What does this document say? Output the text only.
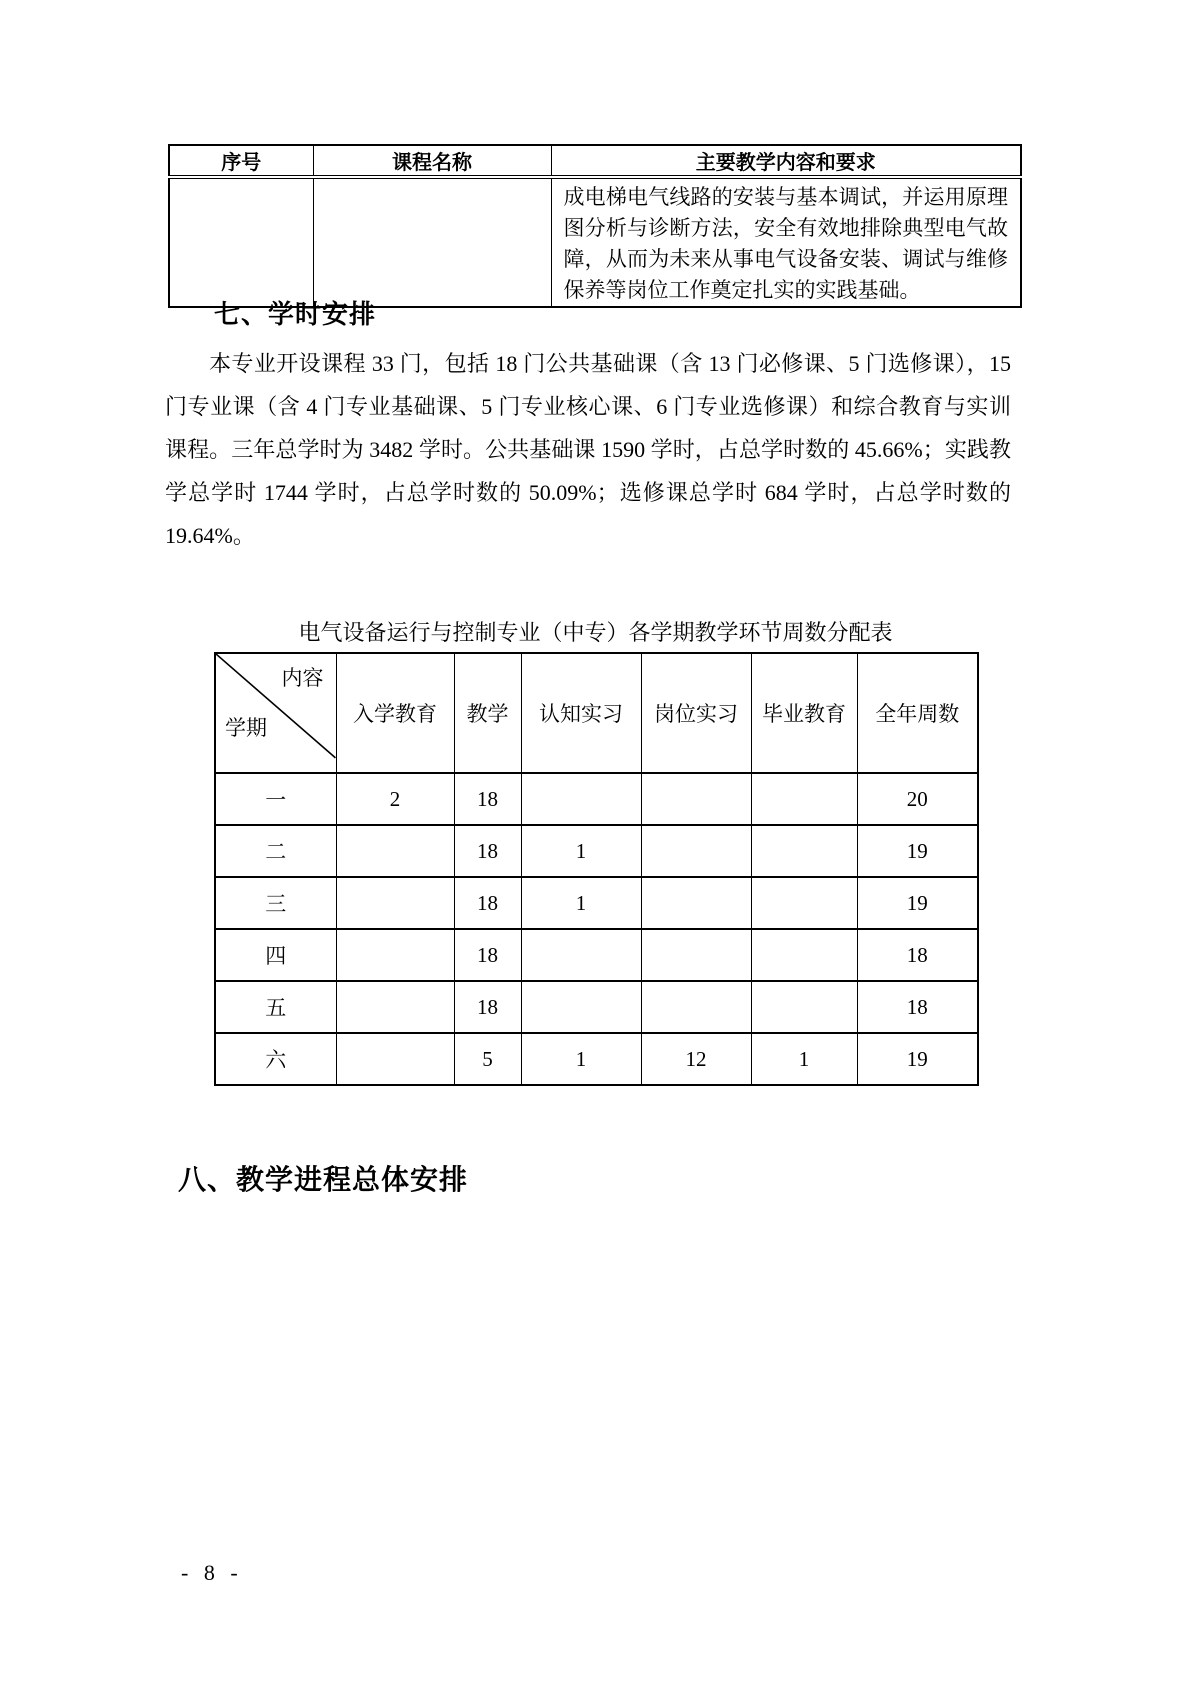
序号	课程名称	主要教学内容和要求
		成电梯电气线路的安装与基本调试，并运用原理图分析与诊断方法，安全有效地排除典型电气故障，从而为未来从事电气设备安装、调试与维修保养等岗位工作奠定扎实的实践基础。
七、学时安排
本专业开设课程 33 门，包括 18 门公共基础课（含 13 门必修课、5 门选修课），15 门专业课（含 4 门专业基础课、5 门专业核心课、6 门专业选修课）和综合教育与实训课程。三年总学时为 3482 学时。公共基础课 1590 学时，占总学时数的 45.66%；实践教学总学时 1744 学时，占总学时数的 50.09%；选修课总学时 684 学时，占总学时数的 19.64%。
电气设备运行与控制专业（中专）各学期教学环节周数分配表
内容
学期	入学教育	教学	认知实习	岗位实习	毕业教育	全年周数
一	2	18				20
二		18	1			19
三		18	1			19
四		18				18
五		18				18
六		5	1	12	1	19
八、教学进程总体安排
- 8 -
